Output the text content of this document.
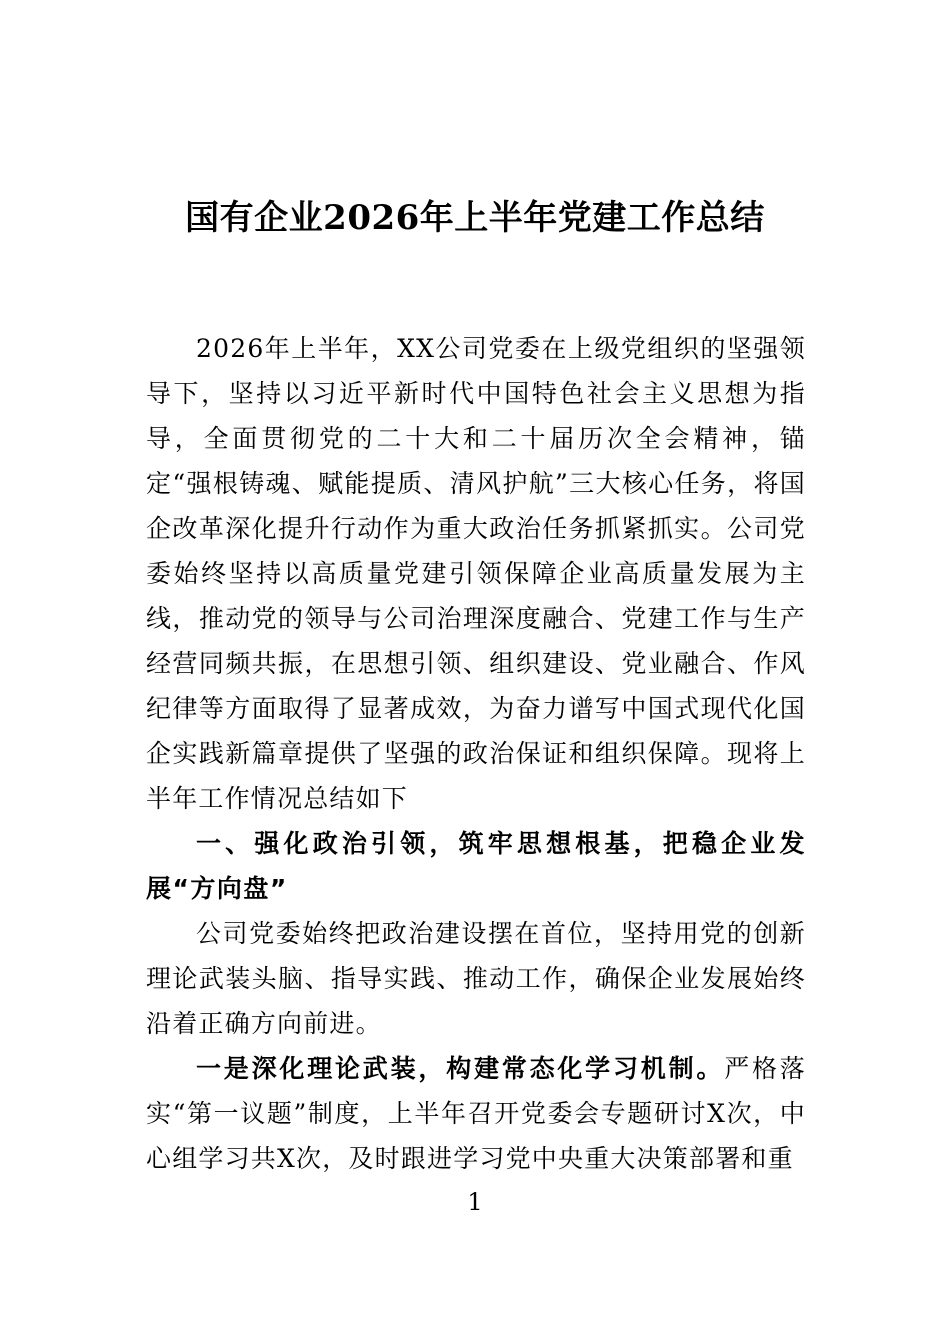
国有企业2026年上半年党建工作总结

2026年上半年，XX公司党委在上级党组织的坚强领导下，坚持以习近平新时代中国特色社会主义思想为指导，全面贯彻党的二十大和二十届历次全会精神，锚定“强根铸魂、赋能提质、清风护航”三大核心任务，将国企改革深化提升行动作为重大政治任务抓紧抓实。公司党委始终坚持以高质量党建引领保障企业高质量发展为主线，推动党的领导与公司治理深度融合、党建工作与生产经营同频共振，在思想引领、组织建设、党业融合、作风纪律等方面取得了显著成效，为奋力谱写中国式现代化国企实践新篇章提供了坚强的政治保证和组织保障。现将上半年工作情况总结如下

一、强化政治引领，筑牢思想根基，把稳企业发展“方向盘”

公司党委始终把政治建设摆在首位，坚持用党的创新理论武装头脑、指导实践、推动工作，确保企业发展始终沿着正确方向前进。

一是深化理论武装，构建常态化学习机制。严格落实“第一议题”制度，上半年召开党委会专题研讨X次，中心组学习共X次，及时跟进学习党中央重大决策部署和重

1
